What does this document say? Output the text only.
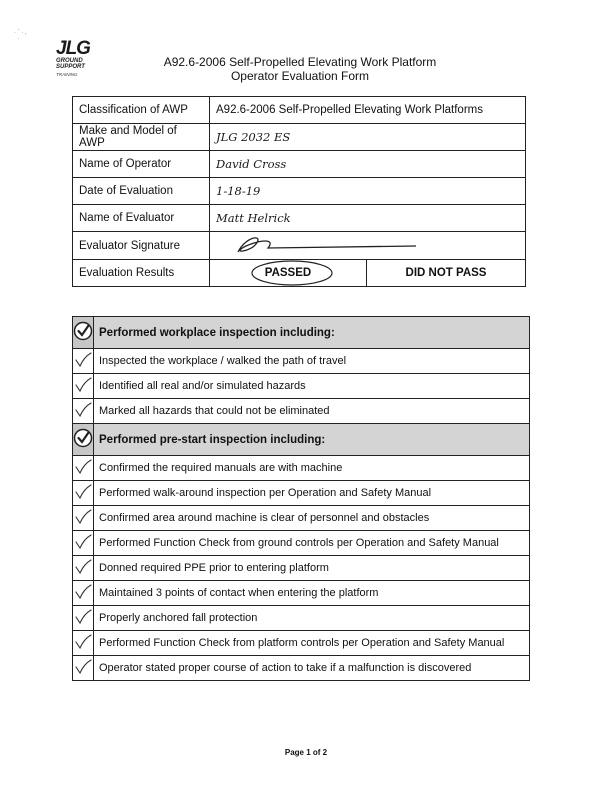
· ` · ,
·	JLG
GROUND
SUPPORT
TRAINING
A92.6-2006 Self-Propelled Elevating Work Platform
Operator Evaluation Form
Classification of AWP	A92.6-2006 Self-Propelled Elevating Work Platforms	
Make and Model of AWP	JLG 2032 ES	
Name of Operator	David Cross	
Date of Evaluation	1-18-19	
Name of Evaluator	Matt Helrick	
Evaluator Signature	
Evaluation Results	PASSED	DID NOT PASS
	Performed workplace inspection including:
	Inspected the workplace / walked the path of travel
	Identified all real and/or simulated hazards
	Marked all hazards that could not be eliminated
	Performed pre-start inspection including:
	Confirmed the required manuals are with machine
	Performed walk-around inspection per Operation and Safety Manual
	Confirmed area around machine is clear of personnel and obstacles
	Performed Function Check from ground controls per Operation and Safety Manual
	Donned required PPE prior to entering platform
	Maintained 3 points of contact when entering the platform
	Properly anchored fall protection
	Performed Function Check from platform controls per Operation and Safety Manual
	Operator stated proper course of action to take if a malfunction is discovered
Page 1 of 2
